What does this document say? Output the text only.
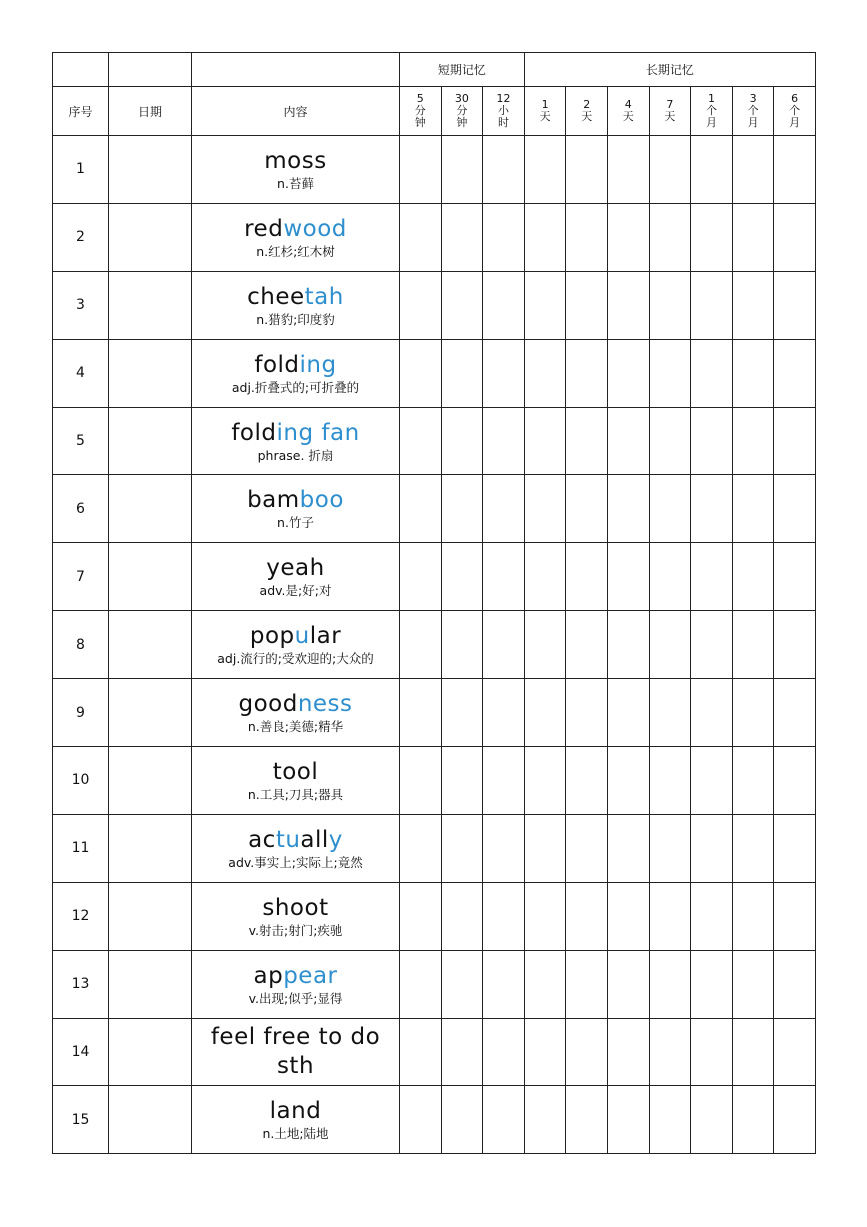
			短期记忆			长期记忆						
序号	日期	内容	5
分
钟	30
分
钟	12
小
时	1
天	2
天	4
天	7
天	1
个
月	3
个
月	6
个
月

1		moss
n.苔藓										

2		redwood
n.红杉;红木树										

3		cheetah
n.猎豹;印度豹										

4		folding
adj.折叠式的;可折叠的										

5		folding fan
phrase. 折扇										

6		bamboo
n.竹子										

7		yeah
adv.是;好;对										

8		popular
adj.流行的;受欢迎的;大众的										

9		goodness
n.善良;美德;精华										

10		tool
n.工具;刀具;器具										

11		actually
adv.事实上;实际上;竟然										

12		shoot
v.射击;射门;疾驰										

13		appear
v.出现;似乎;显得										

14		feel free to do sth										

15		land
n.土地;陆地										
